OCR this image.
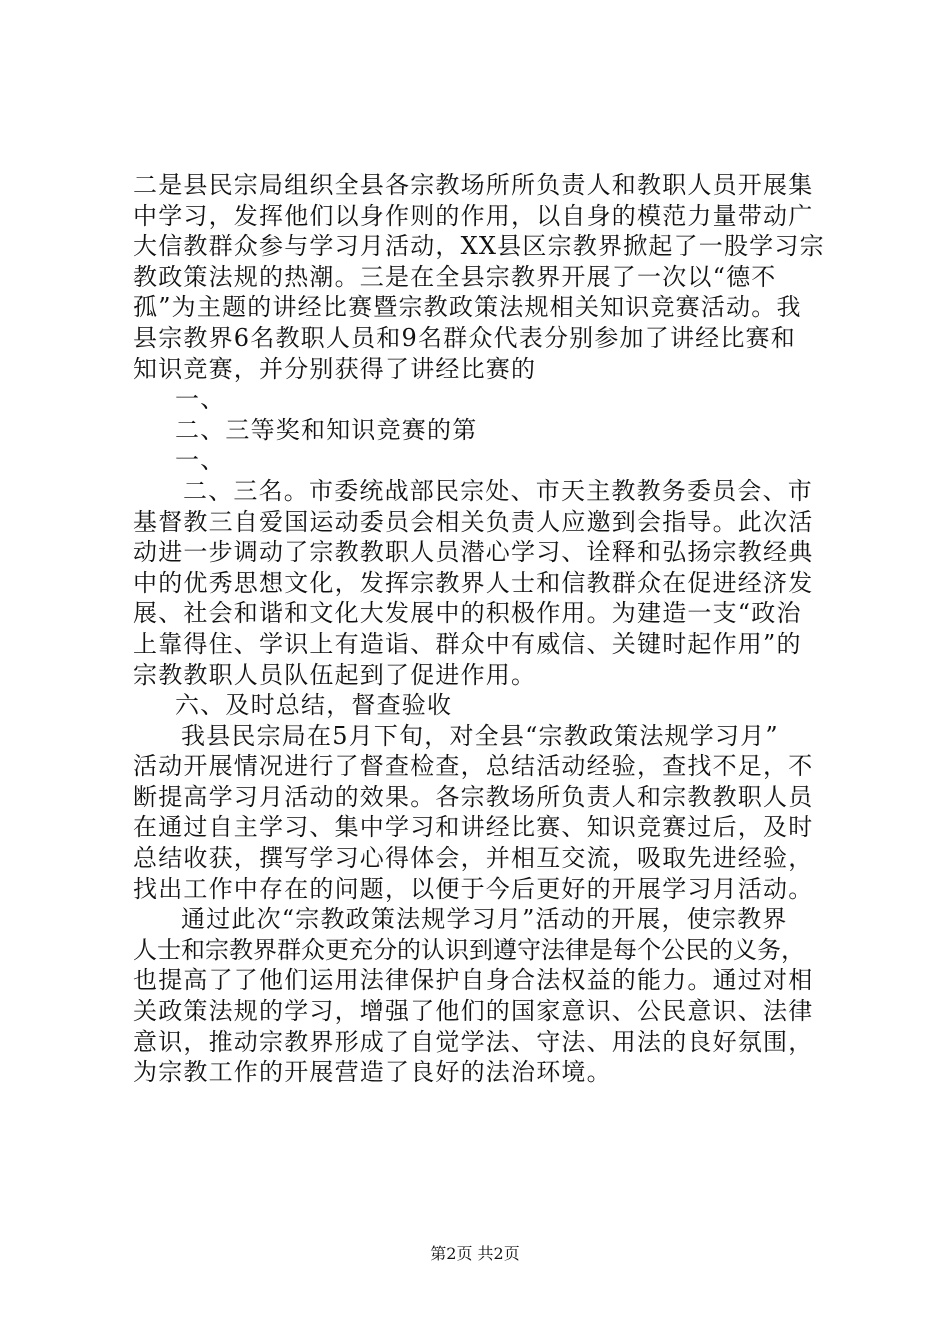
二是县民宗局组织全县各宗教场所所负责人和教职人员开展集

中学习，发挥他们以身作则的作用，以自身的模范力量带动广

大信教群众参与学习月活动，XX县区宗教界掀起了一股学习宗

教政策法规的热潮。三是在全县宗教界开展了一次以“德不

孤”为主题的讲经比赛暨宗教政策法规相关知识竞赛活动。我

县宗教界6名教职人员和9名群众代表分别参加了讲经比赛和

知识竞赛，并分别获得了讲经比赛的

一、

二、三等奖和知识竞赛的第

一、

二、三名。市委统战部民宗处、市天主教教务委员会、市

基督教三自爱国运动委员会相关负责人应邀到会指导。此次活

动进一步调动了宗教教职人员潜心学习、诠释和弘扬宗教经典

中的优秀思想文化，发挥宗教界人士和信教群众在促进经济发

展、社会和谐和文化大发展中的积极作用。为建造一支“政治

上靠得住、学识上有造诣、群众中有威信、关键时起作用”的

宗教教职人员队伍起到了促进作用。

六、及时总结，督查验收

我县民宗局在5月下旬，对全县“宗教政策法规学习月”

活动开展情况进行了督查检查，总结活动经验，查找不足，不

断提高学习月活动的效果。各宗教场所负责人和宗教教职人员

在通过自主学习、集中学习和讲经比赛、知识竞赛过后，及时

总结收获，撰写学习心得体会，并相互交流，吸取先进经验，

找出工作中存在的问题，以便于今后更好的开展学习月活动。

通过此次“宗教政策法规学习月”活动的开展，使宗教界

人士和宗教界群众更充分的认识到遵守法律是每个公民的义务，

也提高了了他们运用法律保护自身合法权益的能力。通过对相

关政策法规的学习，增强了他们的国家意识、公民意识、法律

意识，推动宗教界形成了自觉学法、守法、用法的良好氛围，

为宗教工作的开展营造了良好的法治环境。

第2页 共2页
